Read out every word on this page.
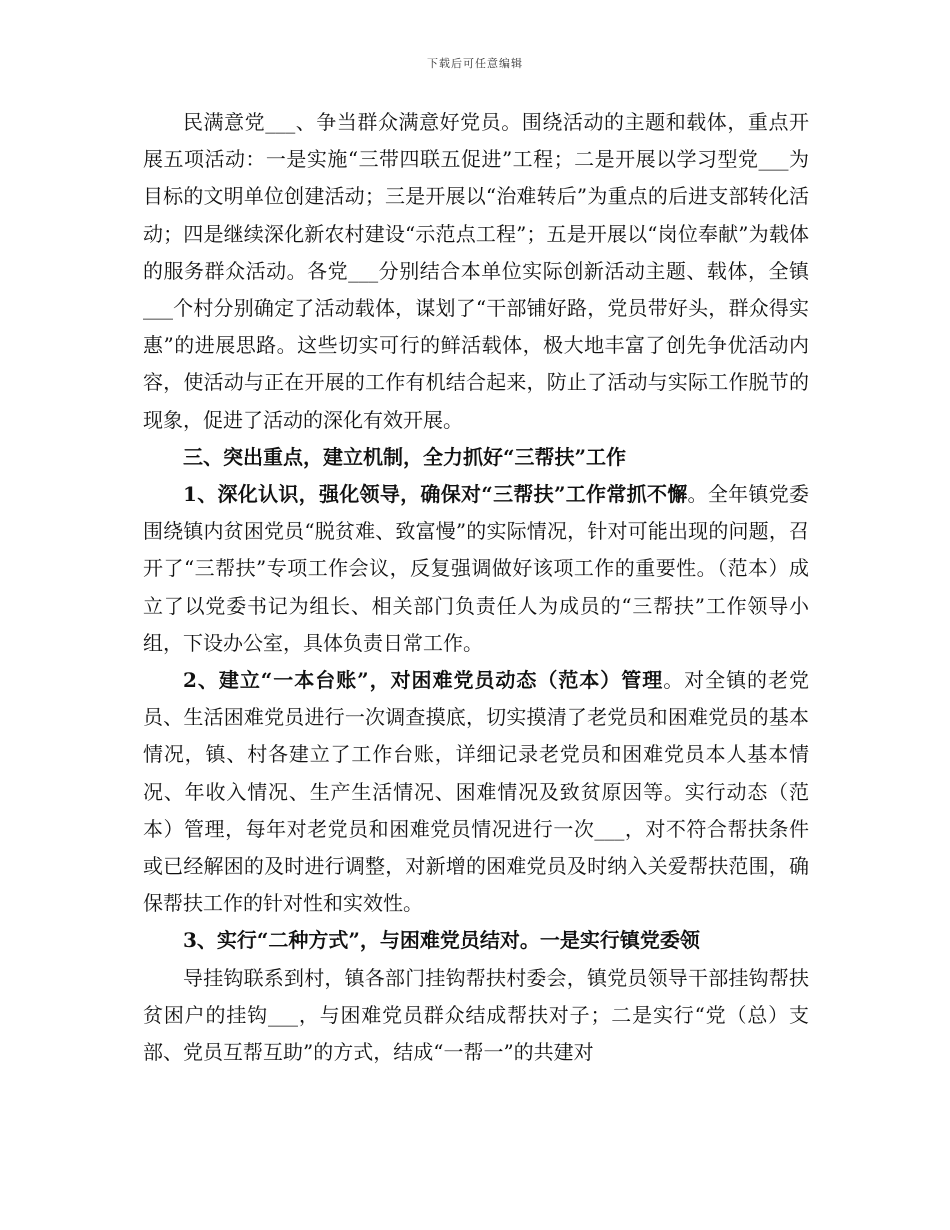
下载后可任意编辑

民满意党___、争当群众满意好党员。围绕活动的主题和载体，重点开展五项活动：一是实施“三带四联五促进”工程；二是开展以学习型党___为目标的文明单位创建活动；三是开展以“治难转后”为重点的后进支部转化活动；四是继续深化新农村建设“示范点工程”；五是开展以“岗位奉献”为载体的服务群众活动。各党___分别结合本单位实际创新活动主题、载体，全镇___个村分别确定了活动载体，谋划了“干部铺好路，党员带好头，群众得实惠”的进展思路。这些切实可行的鲜活载体，极大地丰富了创先争优活动内容，使活动与正在开展的工作有机结合起来，防止了活动与实际工作脱节的现象，促进了活动的深化有效开展。

三、突出重点，建立机制，全力抓好“三帮扶”工作

1、深化认识，强化领导，确保对“三帮扶”工作常抓不懈。全年镇党委围绕镇内贫困党员“脱贫难、致富慢”的实际情况，针对可能出现的问题，召开了“三帮扶”专项工作会议，反复强调做好该项工作的重要性。（范本）成立了以党委书记为组长、相关部门负责任人为成员的“三帮扶”工作领导小组，下设办公室，具体负责日常工作。

2、建立“一本台账”，对困难党员动态（范本）管理。对全镇的老党员、生活困难党员进行一次调查摸底，切实摸清了老党员和困难党员的基本情况，镇、村各建立了工作台账，详细记录老党员和困难党员本人基本情况、年收入情况、生产生活情况、困难情况及致贫原因等。实行动态（范本）管理，每年对老党员和困难党员情况进行一次___，对不符合帮扶条件或已经解困的及时进行调整，对新增的困难党员及时纳入关爱帮扶范围，确保帮扶工作的针对性和实效性。

3、实行“二种方式”，与困难党员结对。一是实行镇党委领

导挂钩联系到村，镇各部门挂钩帮扶村委会，镇党员领导干部挂钩帮扶贫困户的挂钩___，与困难党员群众结成帮扶对子；二是实行“党（总）支部、党员互帮互助”的方式，结成“一帮一”的共建对
